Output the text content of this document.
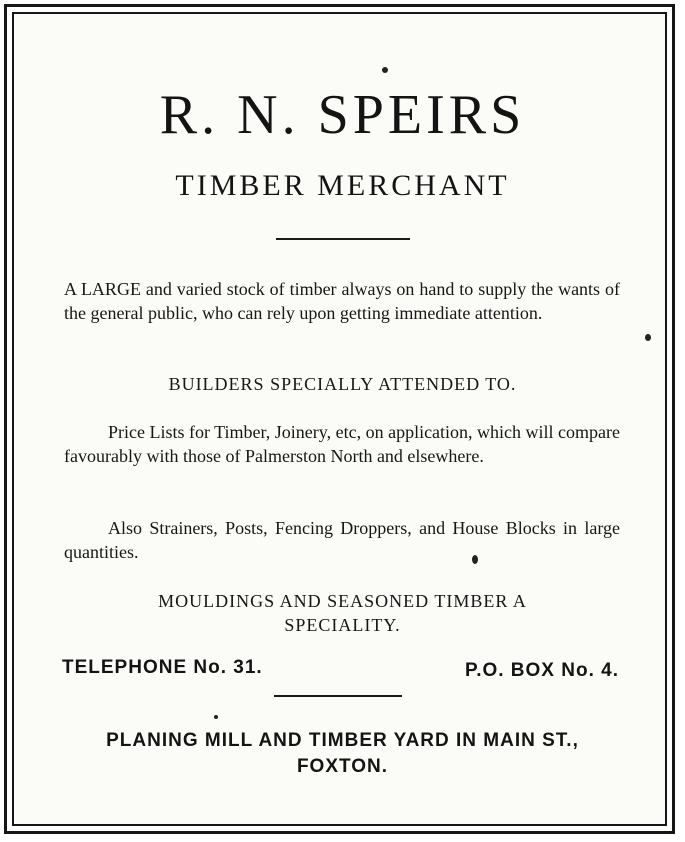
R. N. SPEIRS
TIMBER MERCHANT

A LARGE and varied stock of timber always on hand to supply the wants of the general public, who can rely upon getting immediate attention.

BUILDERS SPECIALLY ATTENDED TO.

Price Lists for Timber, Joinery, etc, on application, which will compare favourably with those of Palmerston North and elsewhere.

Also Strainers, Posts, Fencing Droppers, and House Blocks in large quantities.

MOULDINGS AND SEASONED TIMBER A
SPECIALITY.
TELEPHONE No. 31.	P.O. BOX No. 4.
PLANING MILL AND TIMBER YARD IN MAIN ST.,
FOXTON.
